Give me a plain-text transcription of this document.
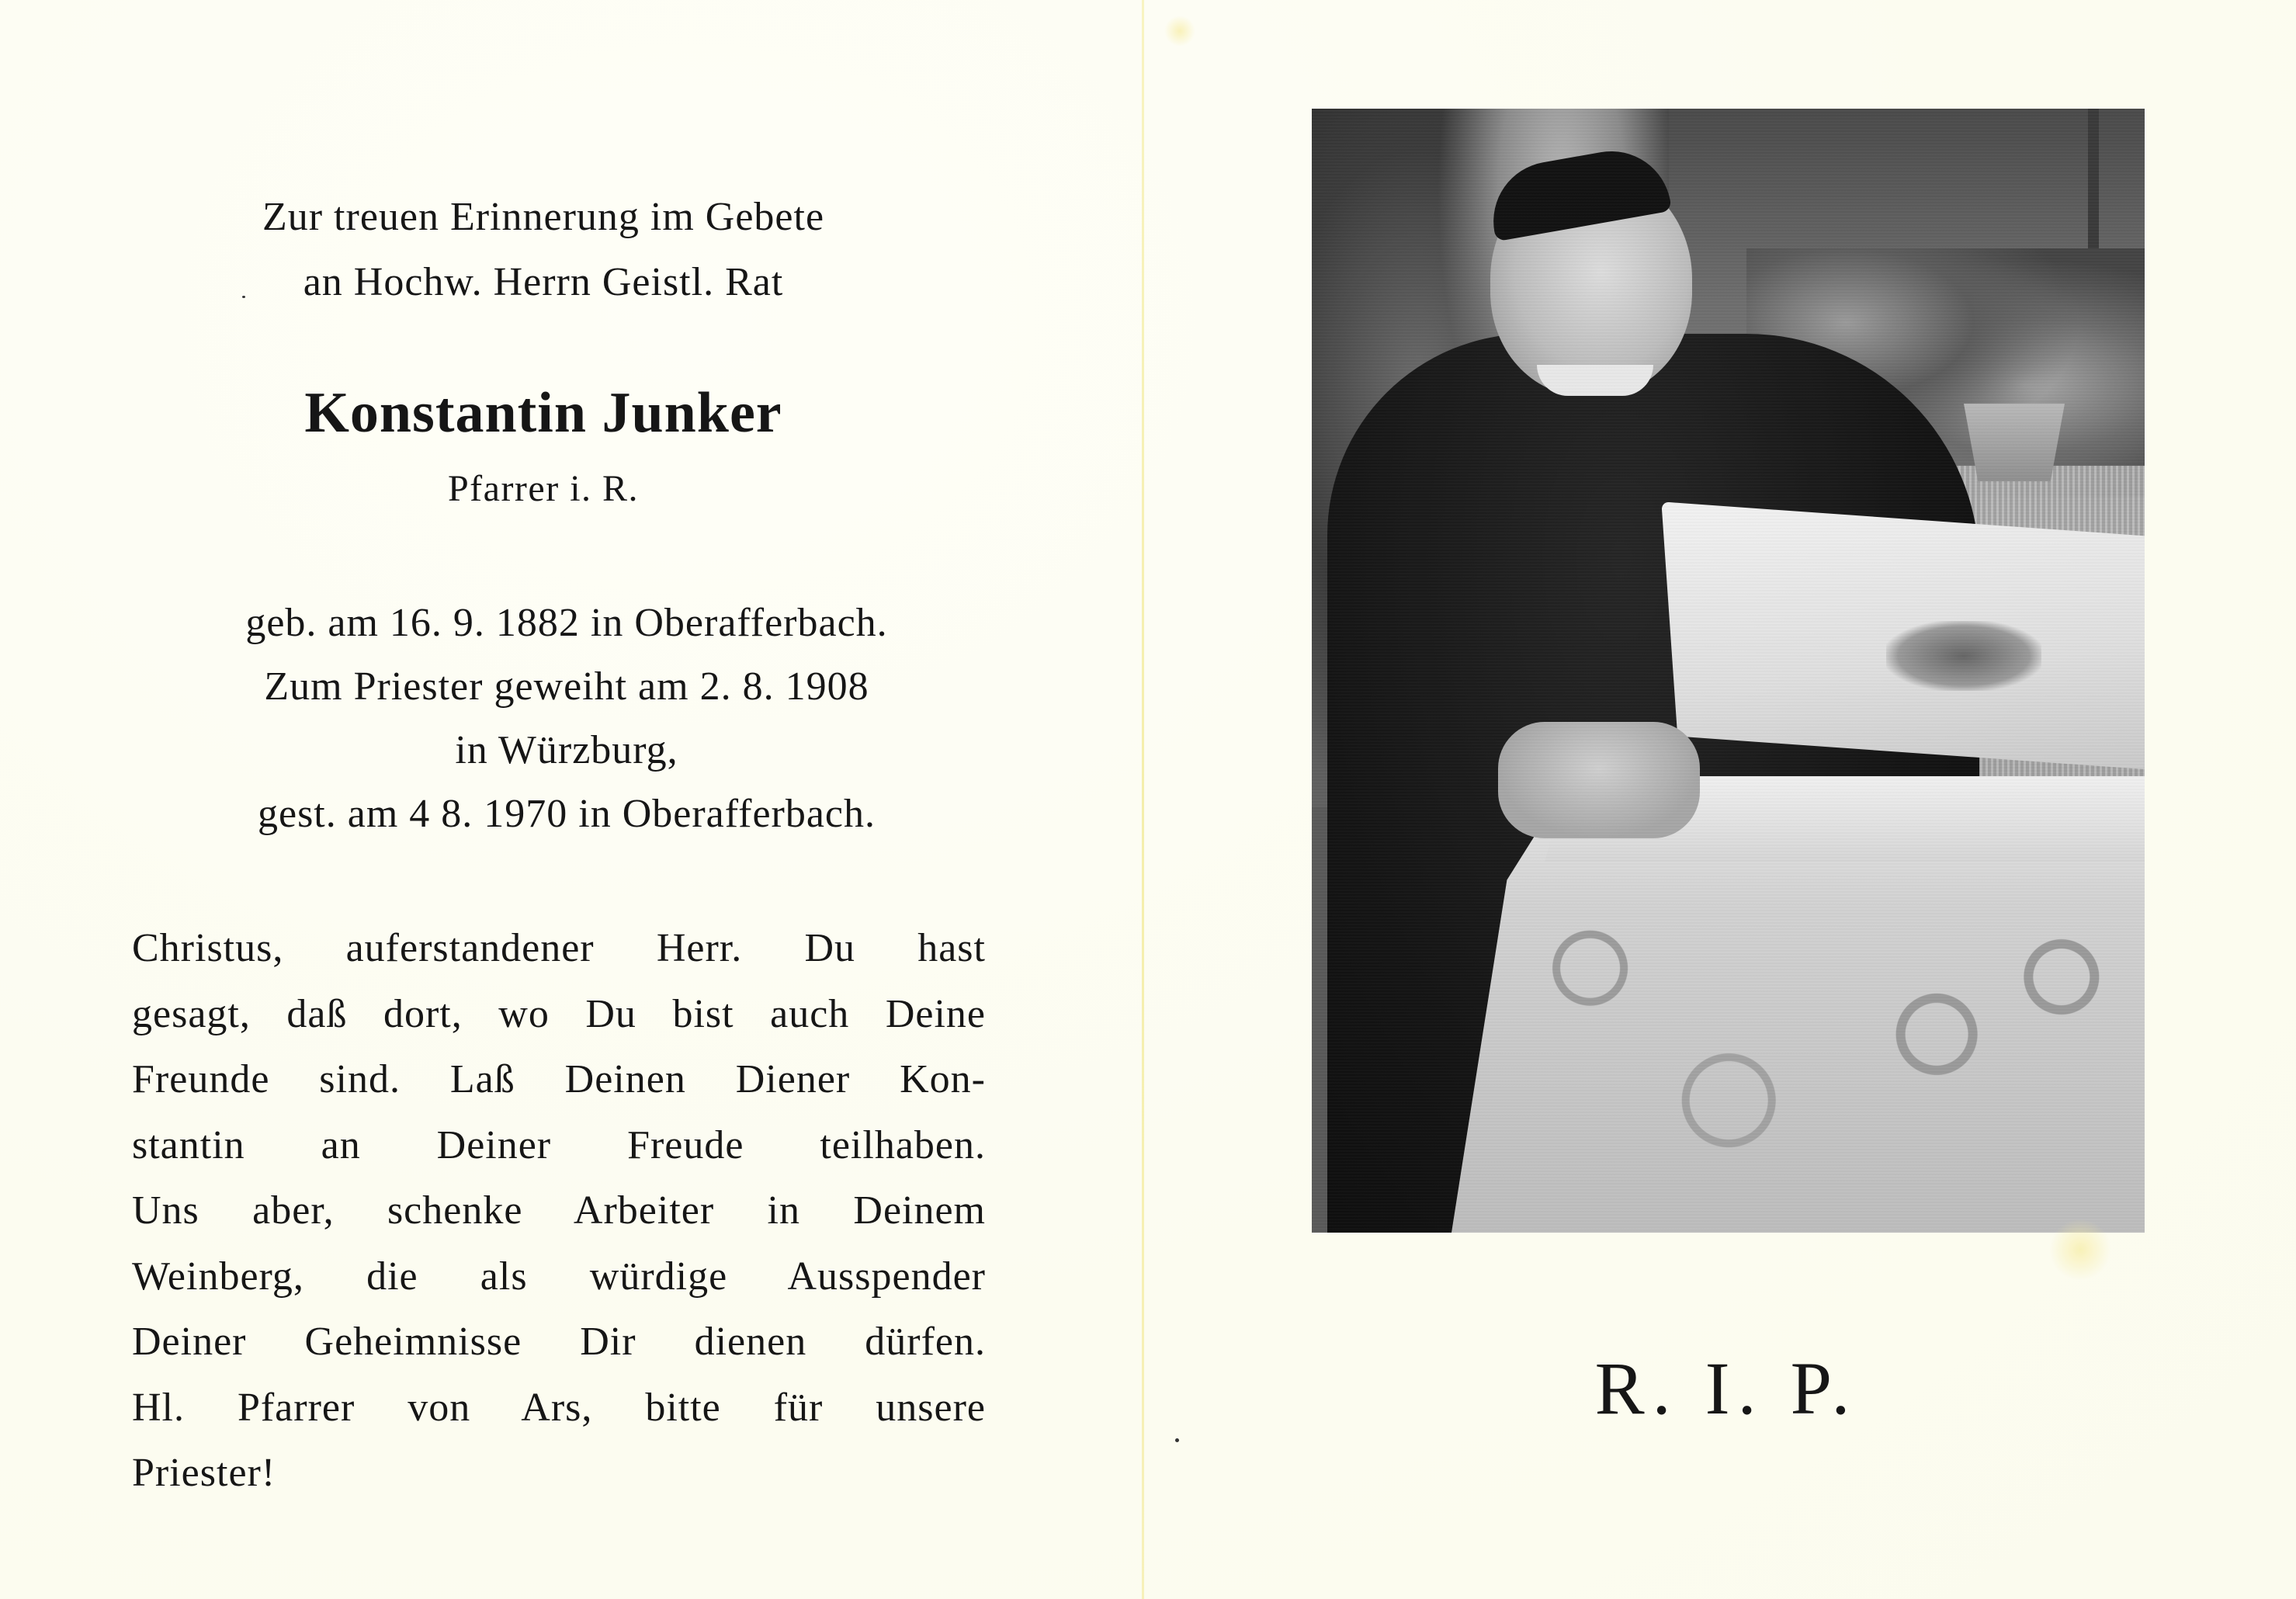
Zur treuen Erinnerung im Gebete
an Hochw. Herrn Geistl. Rat
Konstantin Junker
Pfarrer i. R.
geb. am 16. 9. 1882 in Oberafferbach.
Zum Priester geweiht am 2. 8. 1908
in Würzburg,
gest. am 4 8. 1970 in Oberafferbach.
Christus, auferstandener Herr. Du hast
gesagt, daß dort, wo Du bist auch Deine
Freunde sind. Laß Deinen Diener Kon-
stantin an Deiner Freude teilhaben.
Uns aber, schenke Arbeiter in Deinem
Weinberg, die als würdige Ausspender
Deiner Geheimnisse Dir dienen dürfen.
Hl. Pfarrer von Ars, bitte für unsere
Priester!
R. I. P.
